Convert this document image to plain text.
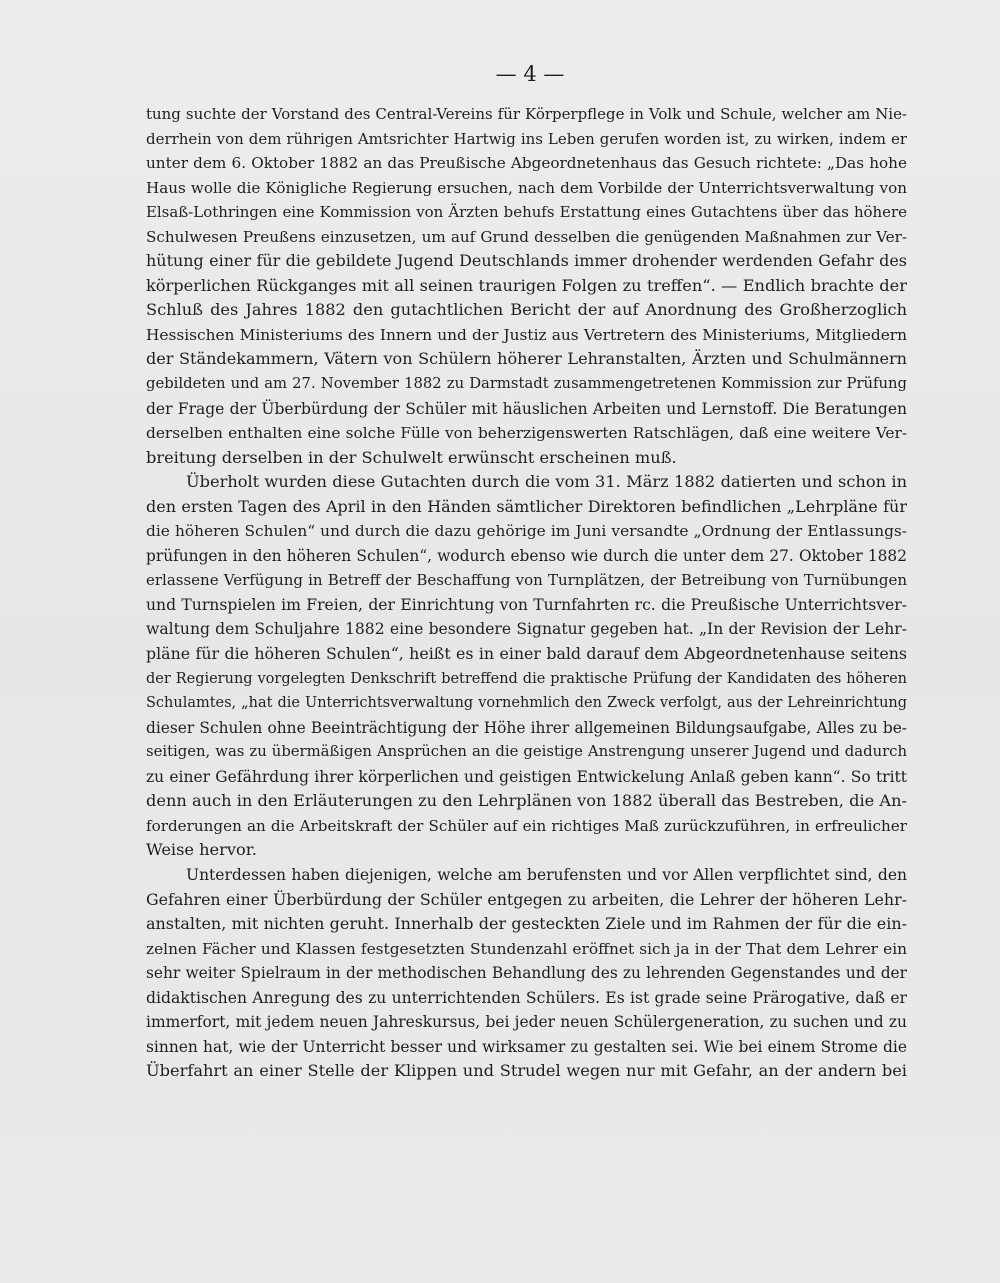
— 4 —
tung suchte der Vorstand des Central-Vereins für Körperpflege in Volk und Schule, welcher am Nie-
derrhein von dem rührigen Amtsrichter Hartwig ins Leben gerufen worden ist, zu wirken, indem er
unter dem 6. Oktober 1882 an das Preußische Abgeordnetenhaus das Gesuch richtete: „Das hohe
Haus wolle die Königliche Regierung ersuchen, nach dem Vorbilde der Unterrichtsverwaltung von
Elsaß-Lothringen eine Kommission von Ärzten behufs Erstattung eines Gutachtens über das höhere
Schulwesen Preußens einzusetzen, um auf Grund desselben die genügenden Maßnahmen zur Ver-
hütung einer für die gebildete Jugend Deutschlands immer drohender werdenden Gefahr des
körperlichen Rückganges mit all seinen traurigen Folgen zu treffen“. — Endlich brachte der
Schluß des Jahres 1882 den gutachtlichen Bericht der auf Anordnung des Großherzoglich
Hessischen Ministeriums des Innern und der Justiz aus Vertretern des Ministeriums, Mitgliedern
der Ständekammern, Vätern von Schülern höherer Lehranstalten, Ärzten und Schulmännern
gebildeten und am 27. November 1882 zu Darmstadt zusammengetretenen Kommission zur Prüfung
der Frage der Überbürdung der Schüler mit häuslichen Arbeiten und Lernstoff. Die Beratungen
derselben enthalten eine solche Fülle von beherzigenswerten Ratschlägen, daß eine weitere Ver-
breitung derselben in der Schulwelt erwünscht erscheinen muß.
Überholt wurden diese Gutachten durch die vom 31. März 1882 datierten und schon in
den ersten Tagen des April in den Händen sämtlicher Direktoren befindlichen „Lehrpläne für
die höheren Schulen“ und durch die dazu gehörige im Juni versandte „Ordnung der Entlassungs-
prüfungen in den höheren Schulen“, wodurch ebenso wie durch die unter dem 27. Oktober 1882
erlassene Verfügung in Betreff der Beschaffung von Turnplätzen, der Betreibung von Turnübungen
und Turnspielen im Freien, der Einrichtung von Turnfahrten rc. die Preußische Unterrichtsver-
waltung dem Schuljahre 1882 eine besondere Signatur gegeben hat. „In der Revision der Lehr-
pläne für die höheren Schulen“, heißt es in einer bald darauf dem Abgeordnetenhause seitens
der Regierung vorgelegten Denkschrift betreffend die praktische Prüfung der Kandidaten des höheren
Schulamtes, „hat die Unterrichtsverwaltung vornehmlich den Zweck verfolgt, aus der Lehreinrichtung
dieser Schulen ohne Beeinträchtigung der Höhe ihrer allgemeinen Bildungsaufgabe, Alles zu be-
seitigen, was zu übermäßigen Ansprüchen an die geistige Anstrengung unserer Jugend und dadurch
zu einer Gefährdung ihrer körperlichen und geistigen Entwickelung Anlaß geben kann“. So tritt
denn auch in den Erläuterungen zu den Lehrplänen von 1882 überall das Bestreben, die An-
forderungen an die Arbeitskraft der Schüler auf ein richtiges Maß zurückzuführen, in erfreulicher
Weise hervor.
Unterdessen haben diejenigen, welche am berufensten und vor Allen verpflichtet sind, den
Gefahren einer Überbürdung der Schüler entgegen zu arbeiten, die Lehrer der höheren Lehr-
anstalten, mit nichten geruht. Innerhalb der gesteckten Ziele und im Rahmen der für die ein-
zelnen Fächer und Klassen festgesetzten Stundenzahl eröffnet sich ja in der That dem Lehrer ein
sehr weiter Spielraum in der methodischen Behandlung des zu lehrenden Gegenstandes und der
didaktischen Anregung des zu unterrichtenden Schülers. Es ist grade seine Prärogative, daß er
immerfort, mit jedem neuen Jahreskursus, bei jeder neuen Schülergeneration, zu suchen und zu
sinnen hat, wie der Unterricht besser und wirksamer zu gestalten sei. Wie bei einem Strome die
Überfahrt an einer Stelle der Klippen und Strudel wegen nur mit Gefahr, an der andern bei
